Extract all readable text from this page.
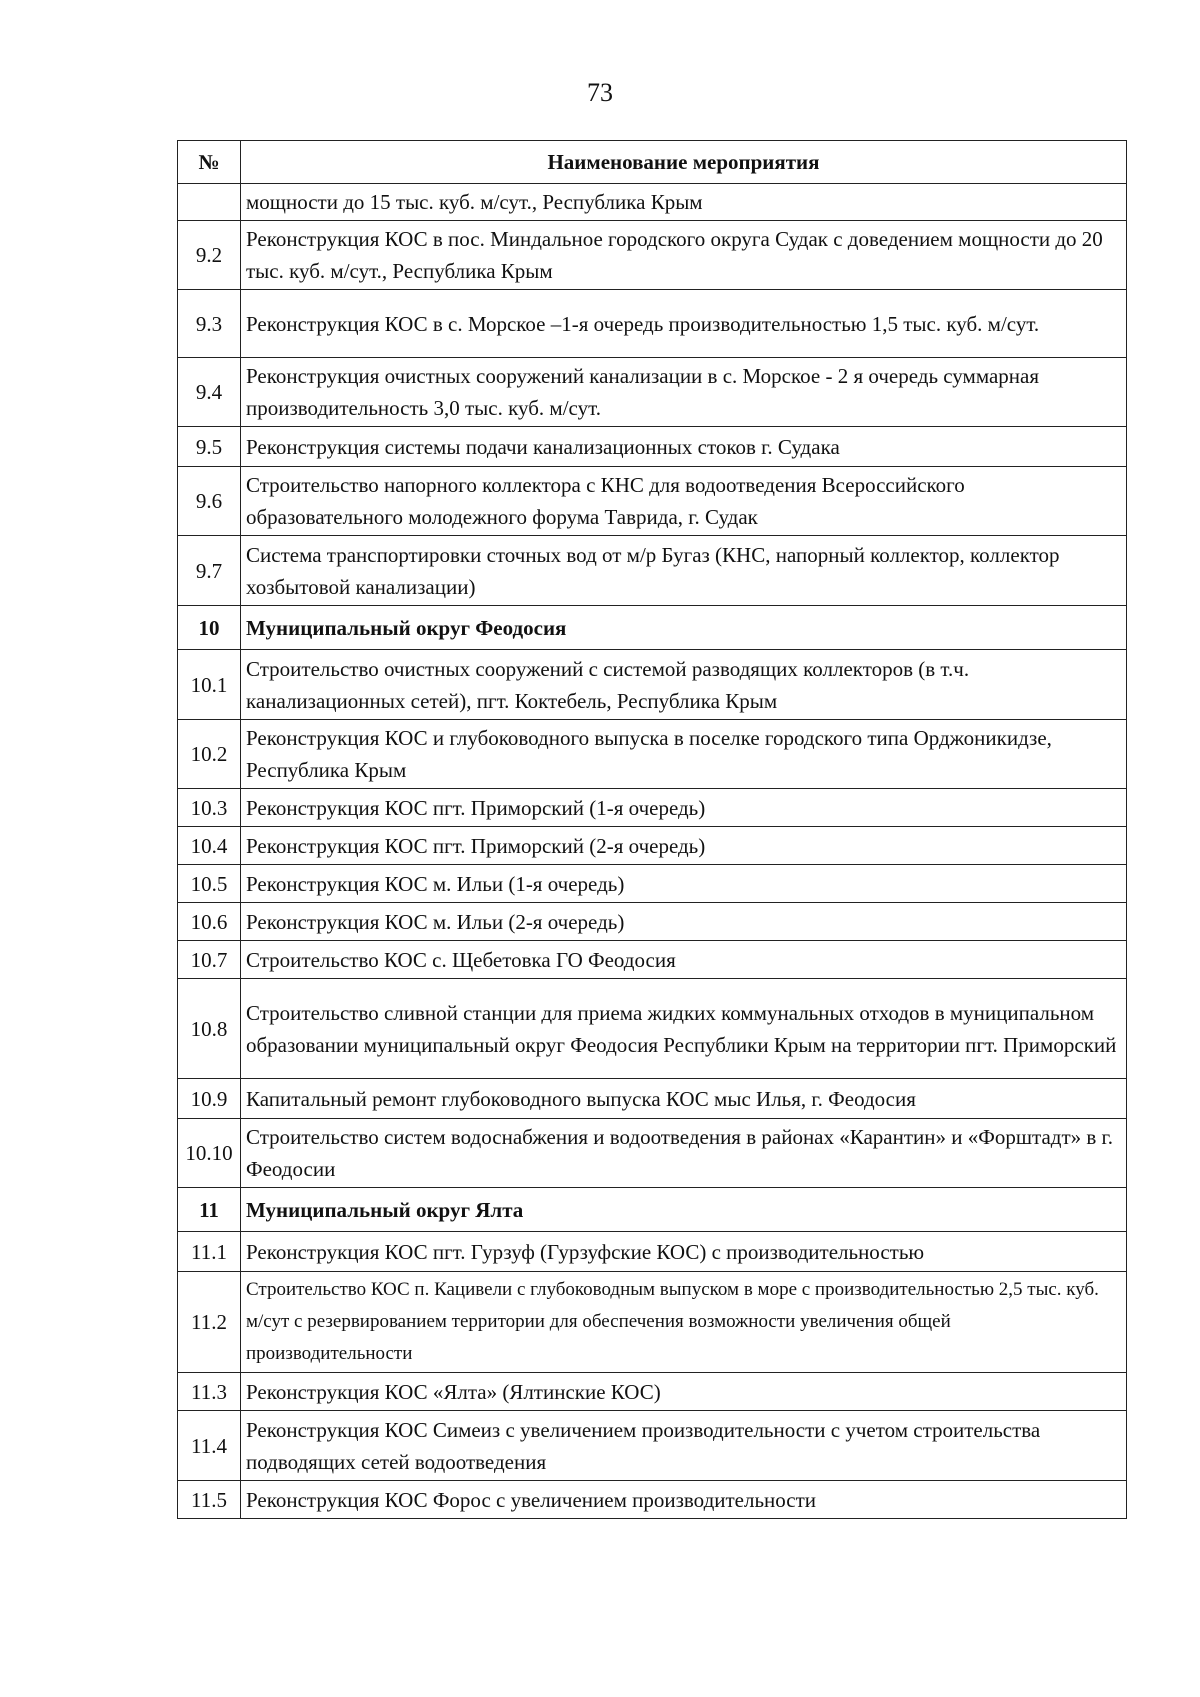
73
№	Наименование мероприятия
	мощности до 15 тыс. куб. м/сут., Республика Крым
9.2	Реконструкция КОС в пос. Миндальное городского округа Судак с доведением мощности до 20 тыс. куб. м/сут., Республика Крым
9.3	Реконструкция КОС в с. Морское –1-я очередь производительностью 1,5 тыс. куб. м/сут.
9.4	Реконструкция очистных сооружений канализации в с. Морское - 2 я очередь суммарная производительность 3,0 тыс. куб. м/сут.
9.5	Реконструкция системы подачи канализационных стоков г. Судака
9.6	Строительство напорного коллектора с КНС для водоотведения Всероссийского образовательного молодежного форума Таврида, г. Судак
9.7	Система транспортировки сточных вод от м/р Бугаз (КНС, напорный коллектор, коллектор хозбытовой канализации)
10	Муниципальный округ Феодосия
10.1	Строительство очистных сооружений с системой разводящих коллекторов (в т.ч. канализационных сетей), пгт. Коктебель, Республика Крым
10.2	Реконструкция КОС и глубоководного выпуска в поселке городского типа Орджоникидзе, Республика Крым
10.3	Реконструкция КОС пгт. Приморский (1-я очередь)
10.4	Реконструкция КОС пгт. Приморский (2-я очередь)
10.5	Реконструкция КОС м. Ильи (1-я очередь)
10.6	Реконструкция КОС м. Ильи (2-я очередь)
10.7	Строительство КОС с. Щебетовка ГО Феодосия
10.8	Строительство сливной станции для приема жидких коммунальных отходов в муниципальном образовании муниципальный округ Феодосия Республики Крым на территории пгт. Приморский
10.9	Капитальный ремонт глубоководного выпуска КОС мыс Илья, г. Феодосия
10.10	Строительство систем водоснабжения и водоотведения в районах «Карантин» и «Форштадт» в г. Феодосии
11	Муниципальный округ Ялта
11.1	Реконструкция КОС пгт. Гурзуф (Гурзуфские КОС) с производительностью
11.2	Строительство КОС п. Кацивели с глубоководным выпуском в море с производительностью 2,5 тыс. куб. м/сут с резервированием территории для обеспечения возможности увеличения общей производительности
11.3	Реконструкция КОС «Ялта» (Ялтинские КОС)
11.4	Реконструкция КОС Симеиз с увеличением производительности с учетом строительства подводящих сетей водоотведения
11.5	Реконструкция КОС Форос с увеличением производительности
